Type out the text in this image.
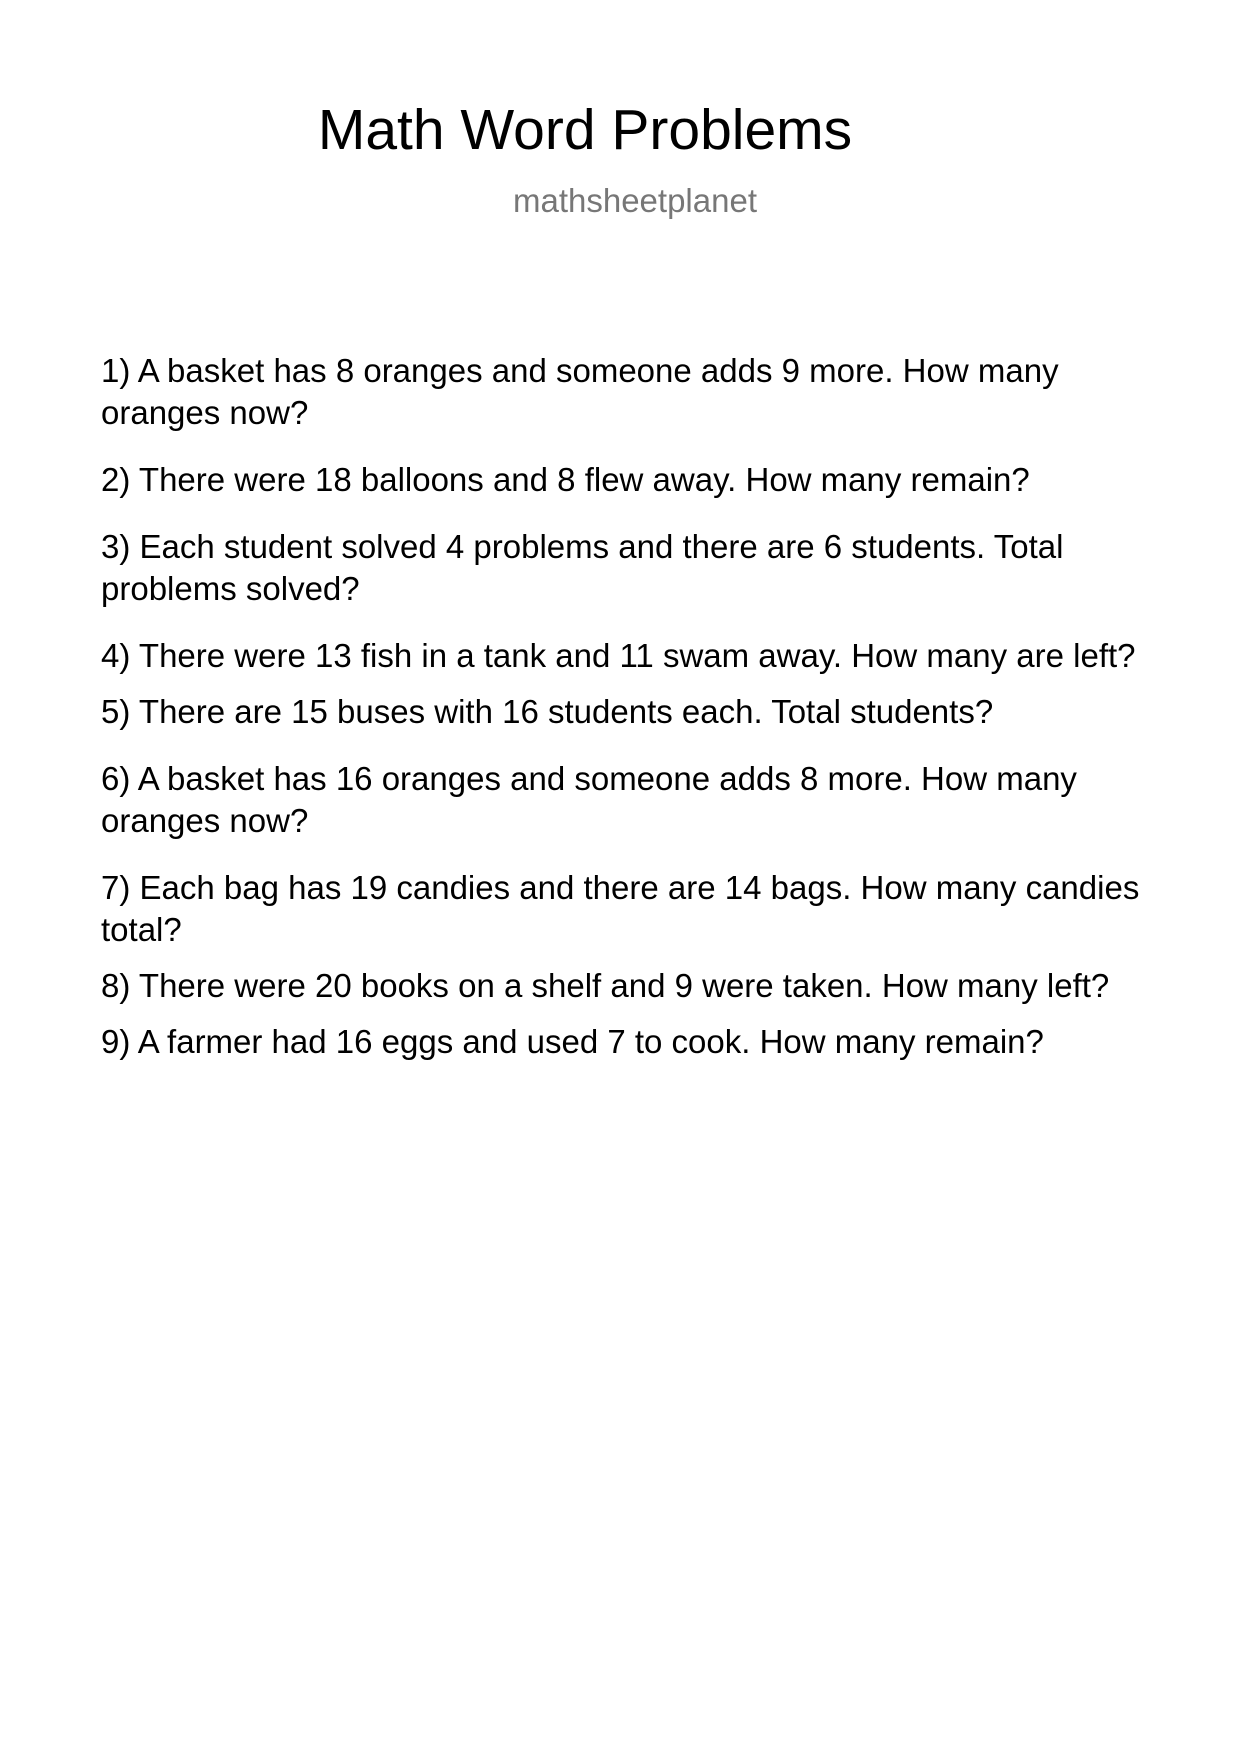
Math Word Problems
mathsheetplanet
1) A basket has 8 oranges and someone adds 9 more. How many oranges now?
2) There were 18 balloons and 8 flew away. How many remain?
3) Each student solved 4 problems and there are 6 students. Total problems solved?
4) There were 13 fish in a tank and 11 swam away. How many are left?
5) There are 15 buses with 16 students each. Total students?
6) A basket has 16 oranges and someone adds 8 more. How many oranges now?
7) Each bag has 19 candies and there are 14 bags. How many candies total?
8) There were 20 books on a shelf and 9 were taken. How many left?
9) A farmer had 16 eggs and used 7 to cook. How many remain?
